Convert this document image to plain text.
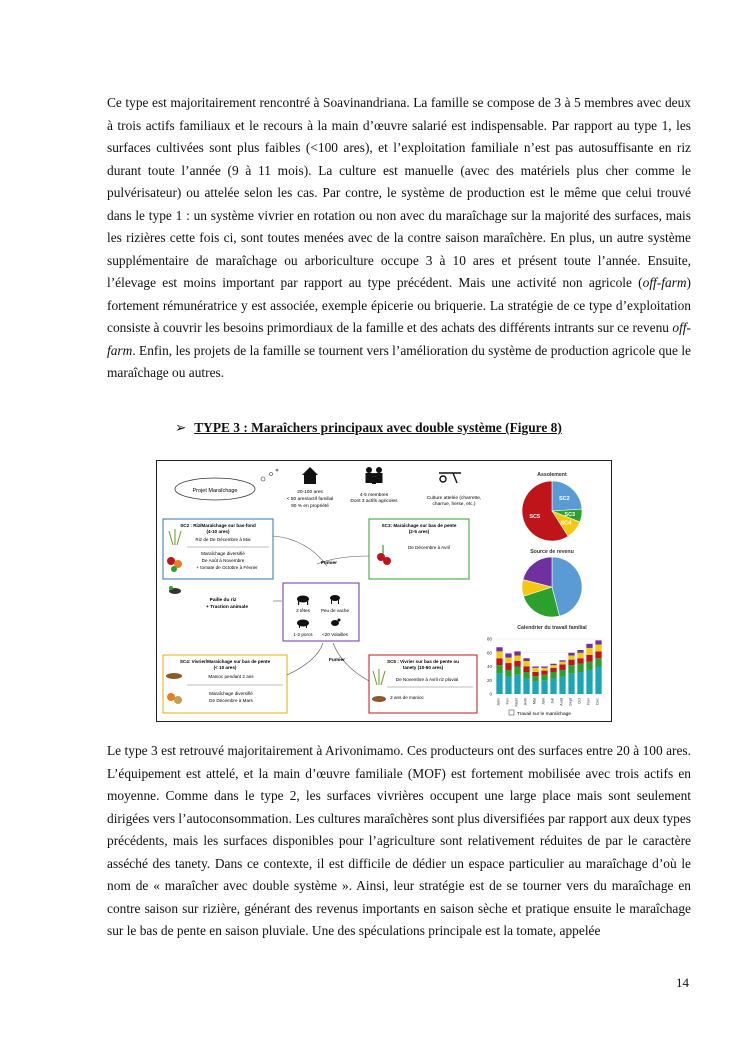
Ce type est majoritairement rencontré à Soavinandriana. La famille se compose de 3 à 5 membres avec deux à trois actifs familiaux et le recours à la main d’œuvre salarié est indispensable. Par rapport au type 1, les surfaces cultivées sont plus faibles (<100 ares), et l’exploitation familiale n’est pas autosuffisante en riz durant toute l’année (9 à 11 mois). La culture est manuelle (avec des matériels plus cher comme le pulvérisateur) ou attelée selon les cas. Par contre, le système de production est le même que celui trouvé dans le type 1 : un système vivrier en rotation ou non avec du maraîchage sur la majorité des surfaces, mais les rizières cette fois ci, sont toutes menées avec de la contre saison maraîchère. En plus, un autre système supplémentaire de maraîchage ou arboriculture occupe 3 à 10 ares et présent toute l’année. Ensuite, l’élevage est moins important par rapport au type précédent. Mais une activité non agricole (off-farm) fortement rémunératrice y est associée, exemple épicerie ou briquerie. La stratégie de ce type d’exploitation consiste à couvrir les besoins primordiaux de la famille et des achats des différents intrants sur ce revenu off-farm. Enfin, les projets de la famille se tournent vers l’amélioration du système de production agricole que le maraîchage ou autres.

➢ TYPE 3 : Maraîchers principaux avec double système (Figure 8)
Projet Maraîchage	20-100 ares < 50 ares/actif familial 90 % en propriété
4-5 membres Dont 3 actifs agricoles
Culture attelée (charrette, charrue, herse, etc.)
SC2 : Riz/Maraîchage sur bas-fond (4-10 ares)
Riz de De Décembre à Mai
Maraîchage diversifié De Août à Novembre + tomate de Octobre à Février
SC3: Maraîchage sur bas de pente (2-5 ares)
De Décembre à Avril
Fumier
Paille du riz + Traction animale
2 têtes Peu de vache
1-2 porcs <20 Volailles
SC4: Vivrier/Maraîchage sur bas de pente (< 10 ares)
Manioc pendant 2 ans
Maraîchage diversifié De Décembre à Mars
SC5 : Vivrier sur bas de pente ou tanety (10-50 ares)
De Novembre à Avril riz pluvial
2 ans de manioc
Fumier
Assolement
SC2
SC3
SC4
SC5
Source de revenu
Calendrier du travail familial
0
20
40
60
80
Janv Fev Mars Avril Mai Juin Juil Août Sept Oct Nov Dec
Travail sur le maraîchage

Le type 3 est retrouvé majoritairement à Arivonimamo. Ces producteurs ont des surfaces entre 20 à 100 ares. L’équipement est attelé, et la main d’œuvre familiale (MOF) est fortement mobilisée avec trois actifs en moyenne. Comme dans le type 2, les surfaces vivrières occupent une large place mais sont seulement dirigées vers l’autoconsommation. Les cultures maraîchères sont plus diversifiées par rapport aux deux types précédents, mais les surfaces disponibles pour l’agriculture sont relativement réduites de par le caractère asséché des tanety. Dans ce contexte, il est difficile de dédier un espace particulier au maraîchage d’où le nom de « maraîcher avec double système ». Ainsi, leur stratégie est de se tourner vers du maraîchage en contre saison sur rizière, générant des revenus importants en saison sèche et pratique ensuite le maraîchage sur le bas de pente en saison pluviale. Une des spéculations principale est la tomate, appelée

14
